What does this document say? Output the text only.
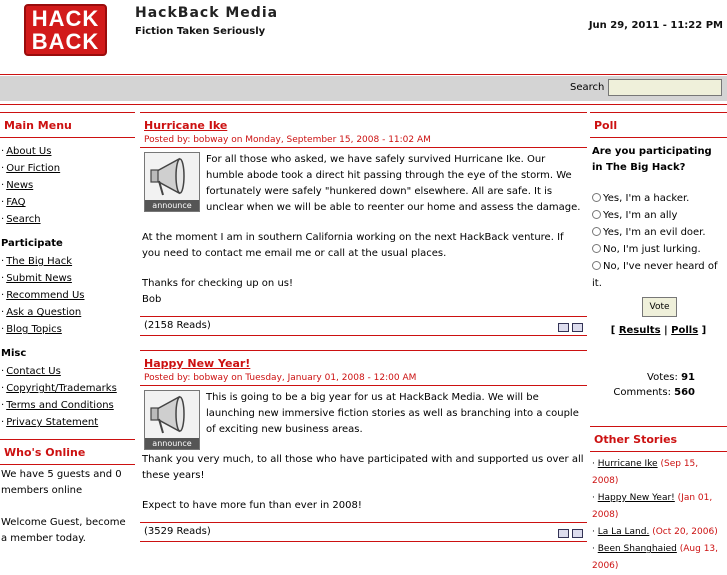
HACK
BACK
HackBack Media
Fiction Taken Seriously
Jun 29, 2011 - 11:22 PM
Search
Main Menu
· About Us
· Our Fiction
· News
· FAQ
· Search
Participate
· The Big Hack
· Submit News
· Recommend Us
· Ask a Question
· Blog Topics
Misc
· Contact Us
· Copyright/Trademarks
· Terms and Conditions
· Privacy Statement
Who's Online
We have 5 guests and 0 members online
Welcome Guest, become a member today.
Hurricane Ike
Posted by: bobway on Monday, September 15, 2008 - 11:02 AM
announce

For all those who asked, we have safely survived Hurricane Ike. Our humble abode took a direct hit passing through the eye of the storm. We fortunately were safely "hunkered down" elsewhere. All are safe. It is unclear when we will be able to reenter our home and assess the damage.

At the moment I am in southern California working on the next HackBack venture. If you need to contact me email me or call at the usual places.

Thanks for checking up on us!
Bob

(2158 Reads)
Happy New Year!
Posted by: bobway on Tuesday, January 01, 2008 - 12:00 AM
announce

This is going to be a big year for us at HackBack Media. We will be launching new immersive fiction stories as well as branching into a couple of exciting new business areas.

Thank you very much, to all those who have participated with and supported us over all these years!

Expect to have more fun than ever in 2008!

(3529 Reads)
Poll
Are you participating in The Big Hack?
Yes, I'm a hacker.
Yes, I'm an ally
Yes, I'm an evil doer.
No, I'm just lurking.
No, I've never heard of it.
Vote
[ Results | Polls ]
Votes: 91
Comments: 560
Other Stories
· Hurricane Ike (Sep 15, 2008)
· Happy New Year! (Jan 01, 2008)
· La La Land. (Oct 20, 2006)
· Been Shanghaied (Aug 13, 2006)
